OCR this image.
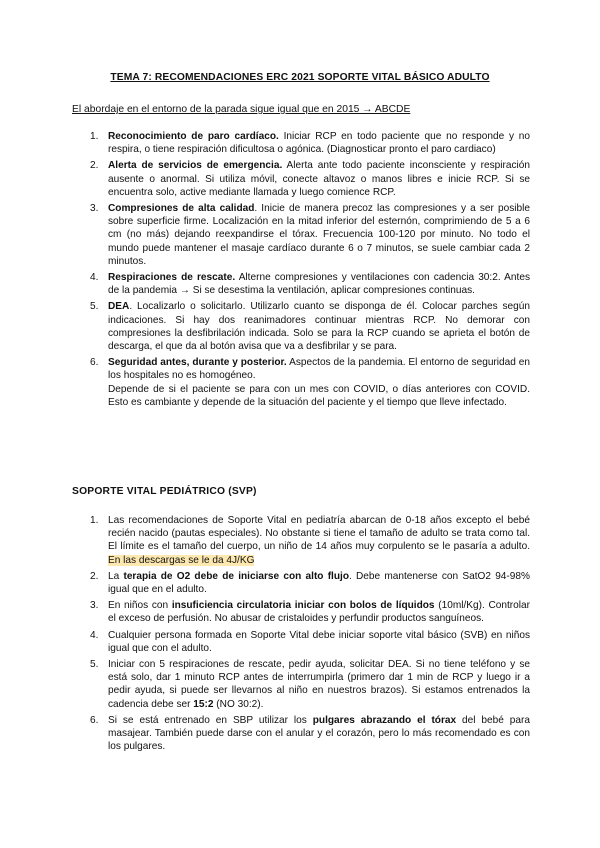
TEMA 7: RECOMENDACIONES ERC 2021 SOPORTE VITAL BÁSICO ADULTO
El abordaje en el entorno de la parada sigue igual que en 2015 → ABCDE
1. Reconocimiento de paro cardíaco. Iniciar RCP en todo paciente que no responde y no respira, o tiene respiración dificultosa o agónica. (Diagnosticar pronto el paro cardiaco)

2. Alerta de servicios de emergencia. Alerta ante todo paciente inconsciente y respiración ausente o anormal. Si utiliza móvil, conecte altavoz o manos libres e inicie RCP. Si se encuentra solo, active mediante llamada y luego comience RCP.

3. Compresiones de alta calidad. Inicie de manera precoz las compresiones y a ser posible sobre superficie firme. Localización en la mitad inferior del esternón, comprimiendo de 5 a 6 cm (no más) dejando reexpandirse el tórax. Frecuencia 100-120 por minuto. No todo el mundo puede mantener el masaje cardíaco durante 6 o 7 minutos, se suele cambiar cada 2 minutos.

4. Respiraciones de rescate. Alterne compresiones y ventilaciones con cadencia 30:2. Antes de la pandemia → Si se desestima la ventilación, aplicar compresiones continuas.

5. DEA. Localizarlo o solicitarlo. Utilizarlo cuanto se disponga de él. Colocar parches según indicaciones. Si hay dos reanimadores continuar mientras RCP. No demorar con compresiones la desfibrilación indicada. Solo se para la RCP cuando se aprieta el botón de descarga, el que da al botón avisa que va a desfibrilar y se para.

6. Seguridad antes, durante y posterior. Aspectos de la pandemia. El entorno de seguridad en los hospitales no es homogéneo.

Depende de si el paciente se para con un mes con COVID, o días anteriores con COVID. Esto es cambiante y depende de la situación del paciente y el tiempo que lleve infectado.

SOPORTE VITAL PEDIÁTRICO (SVP)
1. Las recomendaciones de Soporte Vital en pediatría abarcan de 0-18 años excepto el bebé recién nacido (pautas especiales). No obstante si tiene el tamaño de adulto se trata como tal. El límite es el tamaño del cuerpo, un niño de 14 años muy corpulento se le pasaría a adulto. En las descargas se le da 4J/KG

2. La terapia de O2 debe de iniciarse con alto flujo. Debe mantenerse con SatO2 94-98% igual que en el adulto.

3. En niños con insuficiencia circulatoria iniciar con bolos de líquidos (10ml/Kg). Controlar el exceso de perfusión. No abusar de cristaloides y perfundir productos sanguíneos.

4. Cualquier persona formada en Soporte Vital debe iniciar soporte vital básico (SVB) en niños igual que con el adulto.

5. Iniciar con 5 respiraciones de rescate, pedir ayuda, solicitar DEA. Si no tiene teléfono y se está solo, dar 1 minuto RCP antes de interrumpirla (primero dar 1 min de RCP y luego ir a pedir ayuda, si puede ser llevarnos al niño en nuestros brazos). Si estamos entrenados la cadencia debe ser 15:2 (NO 30:2).

6. Si se está entrenado en SBP utilizar los pulgares abrazando el tórax del bebé para masajear. También puede darse con el anular y el corazón, pero lo más recomendado es con los pulgares.
